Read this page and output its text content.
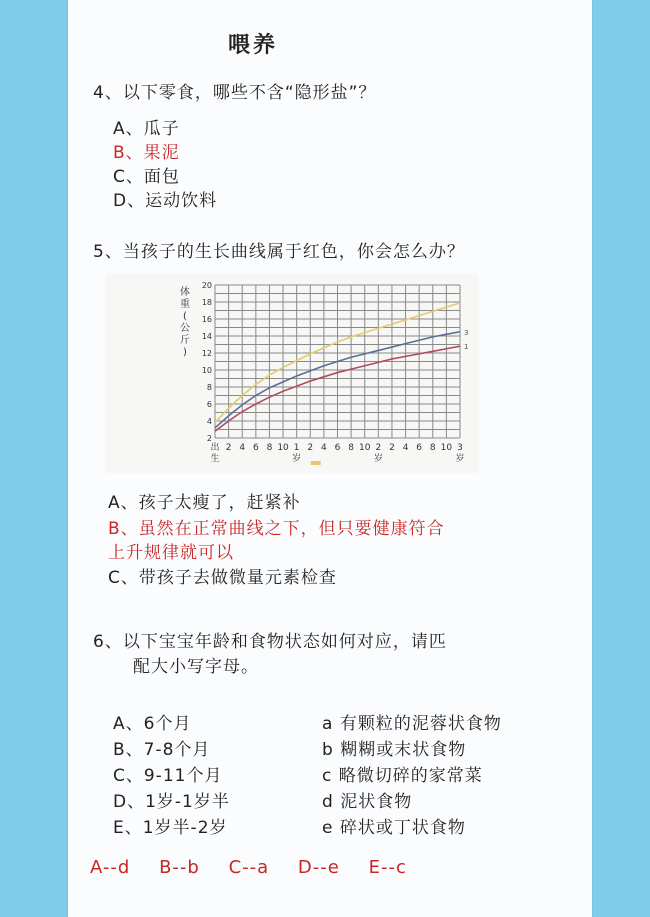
喂养
4、以下零食，哪些不含“隐形盐”？
A、瓜子
B、果泥
C、面包
D、运动饮料
5、当孩子的生长曲线属于红色，你会怎么办？
2
4
6
8
10
12
14
16
18
20
体
重
(
公
斤
)
出
生
2 4 6 8 10 1
岁
2 4 6 8 10 2
岁
2 4 6 8 10 3
岁
3
1
A、孩子太瘦了，赶紧补
B、虽然在正常曲线之下，但只要健康符合
上升规律就可以
C、带孩子去做微量元素检查
6、以下宝宝年龄和食物状态如何对应，请匹
配大小写字母。
A、6个月
B、7-8个月
C、9-11个月
D、1岁-1岁半
E、1岁半-2岁
a 有颗粒的泥蓉状食物
b 糊糊或末状食物
c 略微切碎的家常菜
d 泥状食物
e 碎状或丁状食物
A--d B--b C--a D--e E--c
